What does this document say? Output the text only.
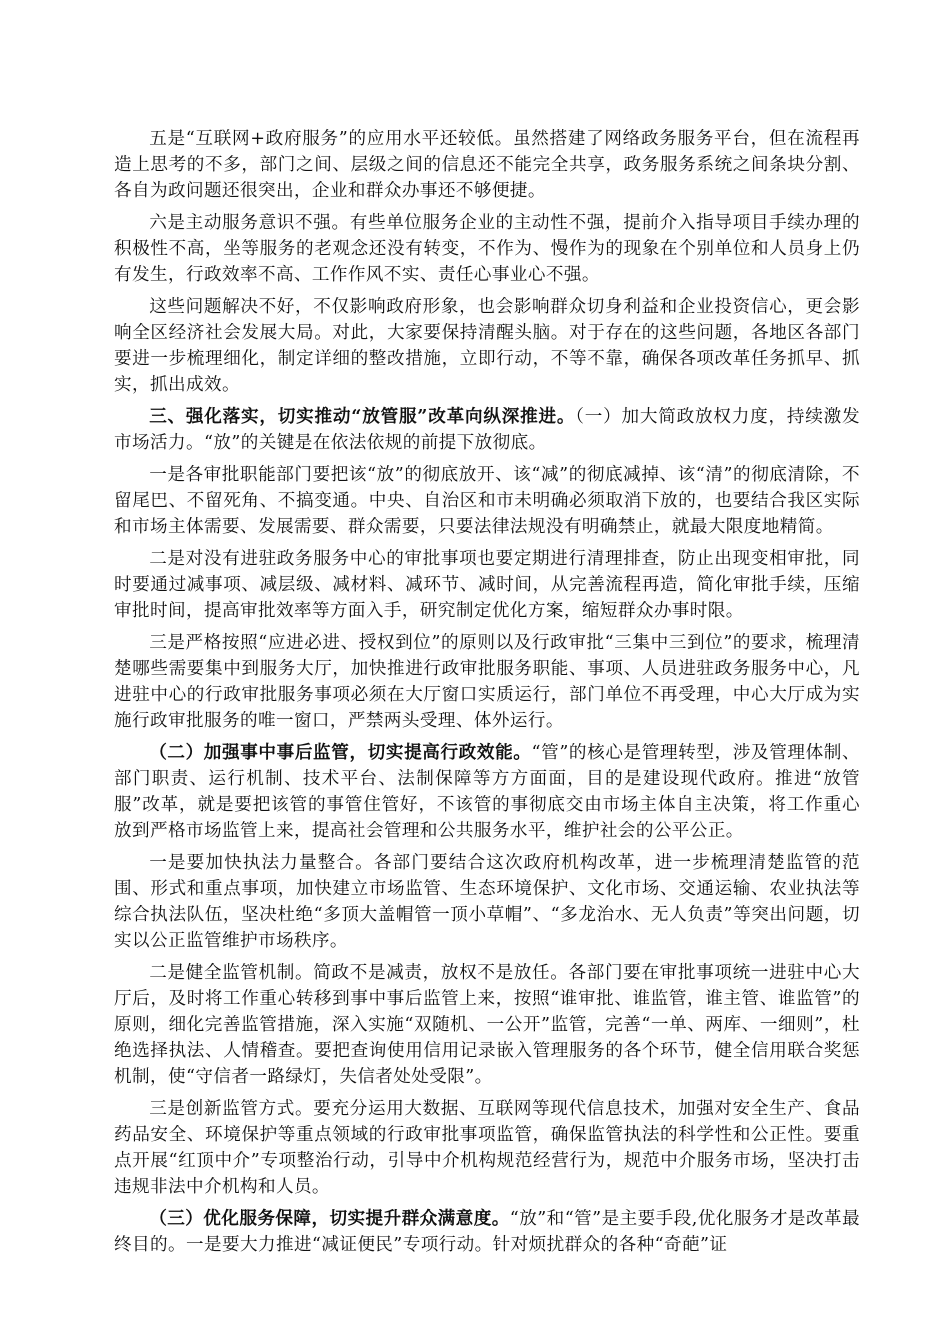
五是“互联网+政府服务”的应用水平还较低。虽然搭建了网络政务服务平台，但在流程再造上思考的不多，部门之间、层级之间的信息还不能完全共享，政务服务系统之间条块分割、各自为政问题还很突出，企业和群众办事还不够便捷。

六是主动服务意识不强。有些单位服务企业的主动性不强，提前介入指导项目手续办理的积极性不高，坐等服务的老观念还没有转变，不作为、慢作为的现象在个别单位和人员身上仍有发生，行政效率不高、工作作风不实、责任心事业心不强。

这些问题解决不好，不仅影响政府形象，也会影响群众切身利益和企业投资信心，更会影响全区经济社会发展大局。对此，大家要保持清醒头脑。对于存在的这些问题，各地区各部门要进一步梳理细化，制定详细的整改措施，立即行动，不等不靠，确保各项改革任务抓早、抓实，抓出成效。

三、强化落实，切实推动“放管服”改革向纵深推进。（一）加大简政放权力度，持续激发市场活力。“放”的关键是在依法依规的前提下放彻底。

一是各审批职能部门要把该“放”的彻底放开、该“减”的彻底减掉、该“清”的彻底清除，不留尾巴、不留死角、不搞变通。中央、自治区和市未明确必须取消下放的，也要结合我区实际和市场主体需要、发展需要、群众需要，只要法律法规没有明确禁止，就最大限度地精简。

二是对没有进驻政务服务中心的审批事项也要定期进行清理排查，防止出现变相审批，同时要通过减事项、减层级、减材料、减环节、减时间，从完善流程再造，简化审批手续，压缩审批时间，提高审批效率等方面入手，研究制定优化方案，缩短群众办事时限。

三是严格按照“应进必进、授权到位”的原则以及行政审批“三集中三到位”的要求，梳理清楚哪些需要集中到服务大厅，加快推进行政审批服务职能、事项、人员进驻政务服务中心，凡进驻中心的行政审批服务事项必须在大厅窗口实质运行，部门单位不再受理，中心大厅成为实施行政审批服务的唯一窗口，严禁两头受理、体外运行。

（二）加强事中事后监管，切实提高行政效能。“管”的核心是管理转型，涉及管理体制、部门职责、运行机制、技术平台、法制保障等方方面面，目的是建设现代政府。推进“放管服”改革，就是要把该管的事管住管好，不该管的事彻底交由市场主体自主决策，将工作重心放到严格市场监管上来，提高社会管理和公共服务水平，维护社会的公平公正。

一是要加快执法力量整合。各部门要结合这次政府机构改革，进一步梳理清楚监管的范围、形式和重点事项，加快建立市场监管、生态环境保护、文化市场、交通运输、农业执法等综合执法队伍，坚决杜绝“多顶大盖帽管一顶小草帽”、“多龙治水、无人负责”等突出问题，切实以公正监管维护市场秩序。

二是健全监管机制。简政不是减责，放权不是放任。各部门要在审批事项统一进驻中心大厅后，及时将工作重心转移到事中事后监管上来，按照“谁审批、谁监管，谁主管、谁监管”的原则，细化完善监管措施，深入实施“双随机、一公开”监管，完善“一单、两库、一细则”，杜绝选择执法、人情稽查。要把查询使用信用记录嵌入管理服务的各个环节，健全信用联合奖惩机制，使“守信者一路绿灯，失信者处处受限”。

三是创新监管方式。要充分运用大数据、互联网等现代信息技术，加强对安全生产、食品药品安全、环境保护等重点领域的行政审批事项监管，确保监管执法的科学性和公正性。要重点开展“红顶中介”专项整治行动，引导中介机构规范经营行为，规范中介服务市场，坚决打击违规非法中介机构和人员。

（三）优化服务保障，切实提升群众满意度。“放”和“管”是主要手段,优化服务才是改革最终目的。一是要大力推进“减证便民”专项行动。针对烦扰群众的各种“奇葩”证
